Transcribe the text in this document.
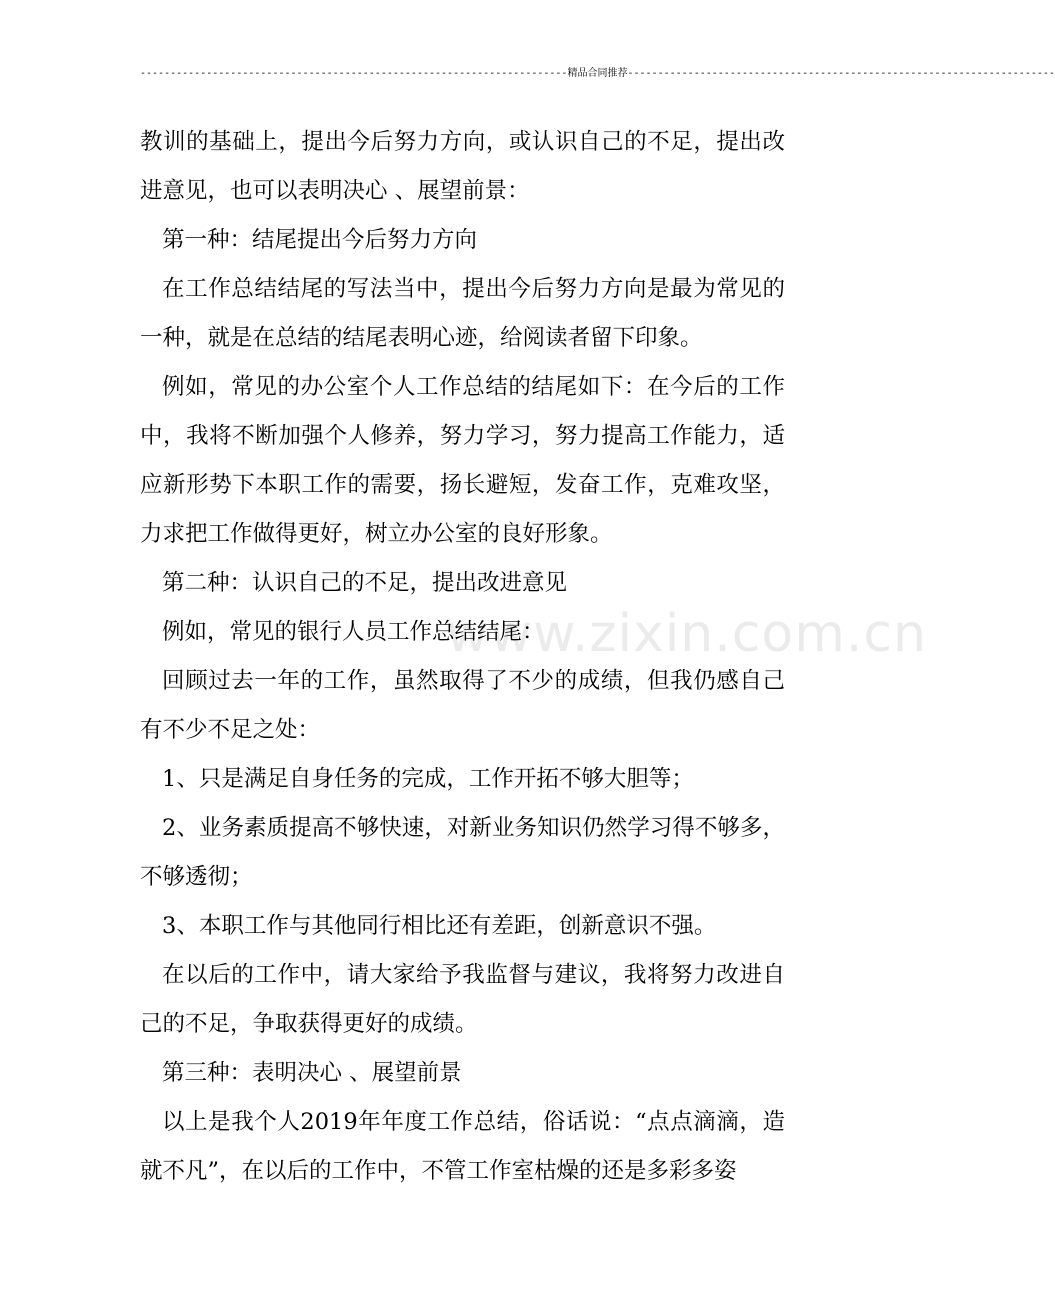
-----------------------------------------------------------------------精品合同推荐-----------------------------------------------------------------------
www.zixin.com.cn

教训的基础上，提出今后努力方向，或认识自己的不足，提出改进意见，也可以表明决心 、展望前景：

第一种：结尾提出今后努力方向

在工作总结结尾的写法当中，提出今后努力方向是最为常见的一种，就是在总结的结尾表明心迹，给阅读者留下印象。

例如，常见的办公室个人工作总结的结尾如下：在今后的工作中，我将不断加强个人修养，努力学习，努力提高工作能力，适应新形势下本职工作的需要，扬长避短，发奋工作，克难攻坚，力求把工作做得更好，树立办公室的良好形象。

第二种：认识自己的不足，提出改进意见

例如，常见的银行人员工作总结结尾：

回顾过去一年的工作，虽然取得了不少的成绩，但我仍感自己有不少不足之处：

1、只是满足自身任务的完成，工作开拓不够大胆等；

2、业务素质提高不够快速，对新业务知识仍然学习得不够多，不够透彻；

3、本职工作与其他同行相比还有差距，创新意识不强。

在以后的工作中，请大家给予我监督与建议，我将努力改进自己的不足，争取获得更好的成绩。

第三种：表明决心 、展望前景

以上是我个人2019年年度工作总结，俗话说：“点点滴滴，造就不凡”，在以后的工作中，不管工作室枯燥的还是多彩多姿
